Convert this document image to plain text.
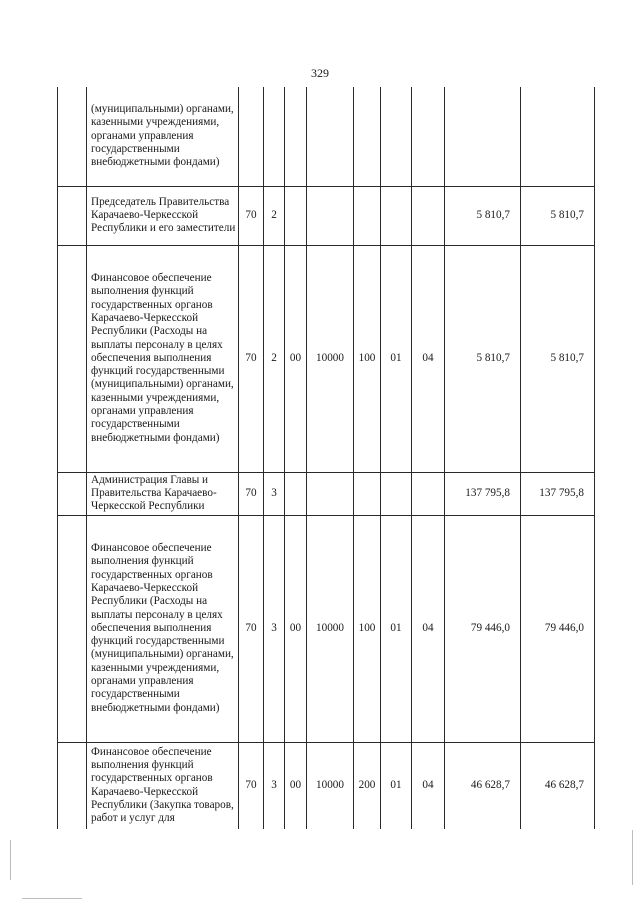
329

	(муниципальными) органами, казенными учреждениями, органами управления государственными внебюджетными фондами)									

	Председатель Правительства Карачаево-Черкесской Республики и его заместители	70	2						5 810,7	5 810,7

	Финансовое обеспечение выполнения функций государственных органов Карачаево-Черкесской Республики (Расходы на выплаты персоналу в целях обеспечения выполнения функций государственными (муниципальными) органами, казенными учреждениями, органами управления государственными внебюджетными фондами)	70	2	00	10000	100	01	04	5 810,7	5 810,7

	Администрация Главы и Правительства Карачаево-Черкесской Республики	70	3						137 795,8	137 795,8

	Финансовое обеспечение выполнения функций государственных органов Карачаево-Черкесской Республики (Расходы на выплаты персоналу в целях обеспечения выполнения функций государственными (муниципальными) органами, казенными учреждениями, органами управления государственными внебюджетными фондами)	70	3	00	10000	100	01	04	79 446,0	79 446,0

	Финансовое обеспечение выполнения функций государственных органов Карачаево-Черкесской Республики (Закупка товаров, работ и услуг для	70	3	00	10000	200	01	04	46 628,7	46 628,7
